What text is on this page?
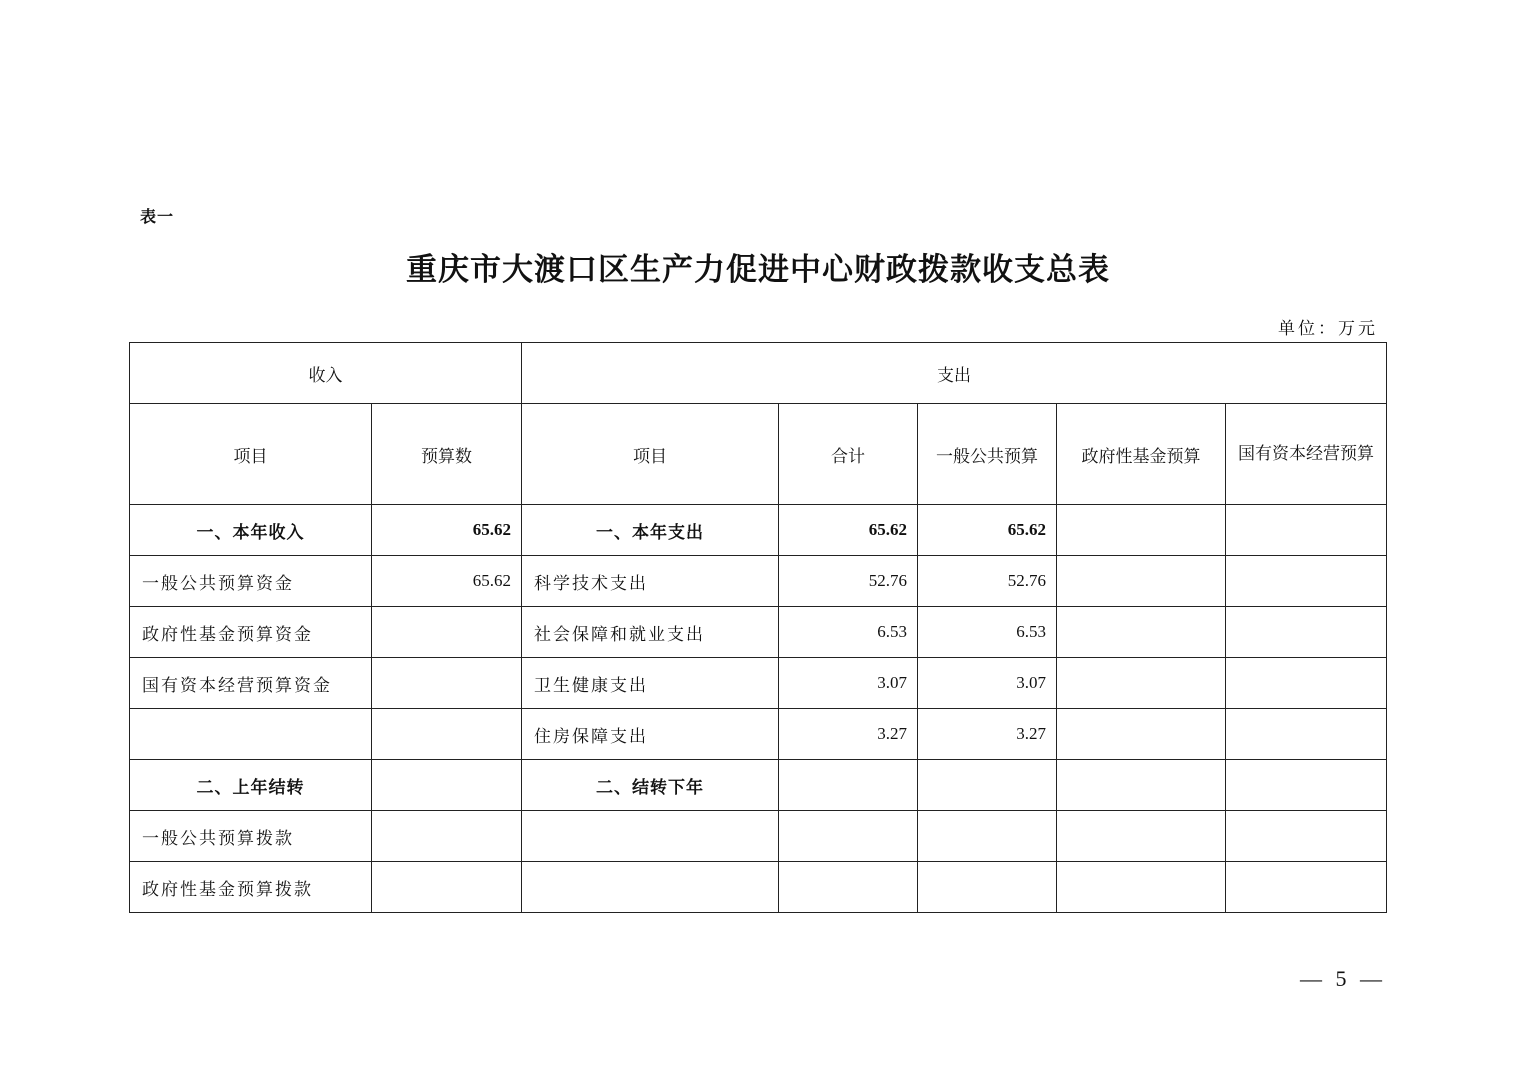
表一
重庆市大渡口区生产力促进中心财政拨款收支总表
单位：万元
收入		支出				
项目	预算数	项目	合计	一般公共预算	政府性基金预算	国有资本经营预算
一、本年收入	65.62	一、本年支出	65.62	65.62		
一般公共预算资金	65.62	科学技术支出	52.76	52.76		
政府性基金预算资金		社会保障和就业支出	6.53	6.53		
国有资本经营预算资金		卫生健康支出	3.07	3.07		
		住房保障支出	3.27	3.27		
二、上年结转		二、结转下年				
一般公共预算拨款						
政府性基金预算拨款						
— 5 —
